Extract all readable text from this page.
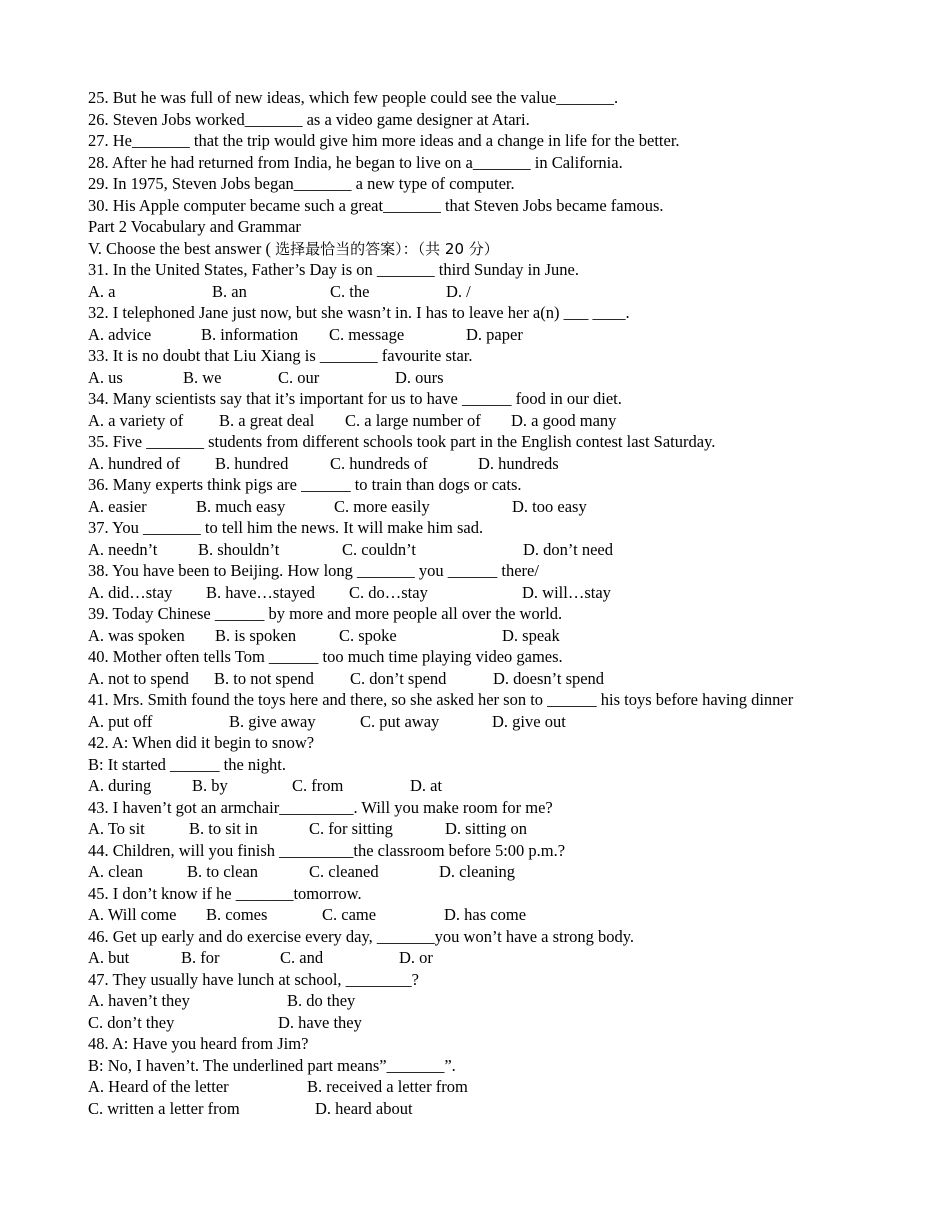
25. But he was full of new ideas, which few people could see the value_______.
26. Steven Jobs worked_______ as a video game designer at Atari.
27. He_______ that the trip would give him more ideas and a change in life for the better.
28. After he had returned from India, he began to live on a_______ in California.
29. In 1975, Steven Jobs began_______ a new type of computer.
30. His Apple computer became such a great_______ that Steven Jobs became famous.
Part 2 Vocabulary and Grammar
V. Choose the best answer ( 选择最恰当的答案）：（共 20 分）
31. In the United States, Father’s Day is on _______ third Sunday in June.
A. a	B. an	C. the	D. /
32. I telephoned Jane just now, but she wasn’t in. I has to leave her a(n) ___ ____.
A. advice	B. information C. message	D. paper
33. It is no doubt that Liu Xiang is _______ favourite star.
A. us	B. we	C. our	D. ours
34. Many scientists say that it’s important for us to have ______ food in our diet.
A. a variety of B. a great deal C. a large number of D. a good many
35. Five _______ students from different schools took part in the English contest last Saturday.
A. hundred of B. hundred	C. hundreds of	D. hundreds
36. Many experts think pigs are ______ to train than dogs or cats.
A. easier	B. much easy	C. more easily	D. too easy
37. You _______ to tell him the news. It will make him sad.
A. needn’t B. shouldn’t	C. couldn’t	D. don’t need
38. You have been to Beijing. How long _______ you ______ there/
A. did…stay B. have…stayed C. do…stay	D. will…stay
39. Today Chinese ______ by more and more people all over the world.
A. was spoken B. is spoken	C. spoke	D. speak
40. Mother often tells Tom ______ too much time playing video games.
A. not to spend B. to not spend C. don’t spend	D. doesn’t spend
41. Mrs. Smith found the toys here and there, so she asked her son to ______ his toys before having dinner
A. put off	B. give away	C. put away	D. give out
42. A: When did it begin to snow?
B: It started ______ the night.
A. during B. by	C. from	D. at
43. I haven’t got an armchair_________. Will you make room for me?
A. To sit	B. to sit in	C. for sitting	D. sitting on
44. Children, will you finish _________the classroom before 5:00 p.m.?
A. clean	B. to clean	C. cleaned	D. cleaning
45. I don’t know if he _______tomorrow.
A. Will come B. comes	C. came	D. has come
46. Get up early and do exercise every day, _______you won’t have a strong body.
A. but	B. for	C. and	D. or
47. They usually have lunch at school, ________?
A. haven’t they	B. do they
C. don’t they	D. have they
48. A: Have you heard from Jim?
B: No, I haven’t. The underlined part means”_______”.
A. Heard of the letter	B. received a letter from
C. written a letter from	D. heard about
